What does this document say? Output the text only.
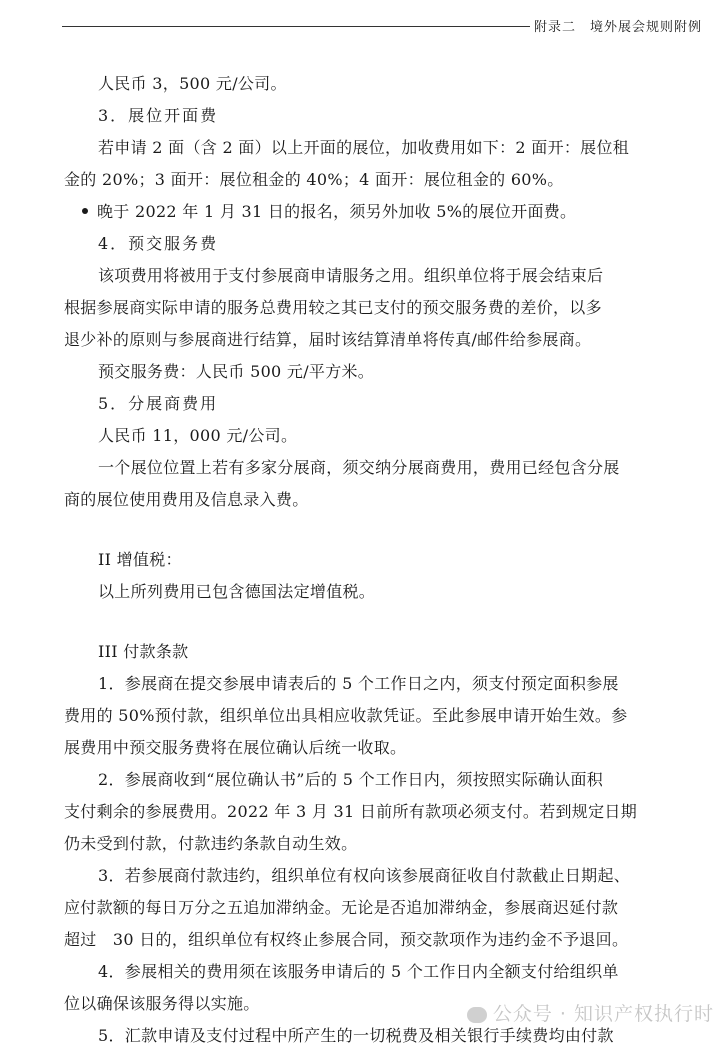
附录二　境外展会规则附例
人民币 3，500 元/公司。
3．展位开面费
若申请 2 面（含 2 面）以上开面的展位，加收费用如下：2 面开：展位租
金的 20%；3 面开：展位租金的 40%；4 面开：展位租金的 60%。
晚于 2022 年 1 月 31 日的报名，须另外加收 5%的展位开面费。
4．预交服务费
该项费用将被用于支付参展商申请服务之用。组织单位将于展会结束后
根据参展商实际申请的服务总费用较之其已支付的预交服务费的差价，以多
退少补的原则与参展商进行结算，届时该结算清单将传真/邮件给参展商。
预交服务费：人民币 500 元/平方米。
5．分展商费用
人民币 11，000 元/公司。
一个展位位置上若有多家分展商，须交纳分展商费用，费用已经包含分展
商的展位使用费用及信息录入费。
II 增值税：
以上所列费用已包含德国法定增值税。
III 付款条款
1．参展商在提交参展申请表后的 5 个工作日之内，须支付预定面积参展
费用的 50%预付款，组织单位出具相应收款凭证。至此参展申请开始生效。参
展费用中预交服务费将在展位确认后统一收取。
2．参展商收到“展位确认书”后的 5 个工作日内，须按照实际确认面积
支付剩余的参展费用。2022 年 3 月 31 日前所有款项必须支付。若到规定日期
仍未受到付款，付款违约条款自动生效。
3．若参展商付款违约，组织单位有权向该参展商征收自付款截止日期起、
应付款额的每日万分之五追加滞纳金。无论是否追加滞纳金，参展商迟延付款
超过　30 日的，组织单位有权终止参展合同，预交款项作为违约金不予退回。
4．参展相关的费用须在该服务申请后的 5 个工作日内全额支付给组织单
位以确保该服务得以实施。
5．汇款申请及支付过程中所产生的一切税费及相关银行手续费均由付款
公众号 · 知识产权执行时
